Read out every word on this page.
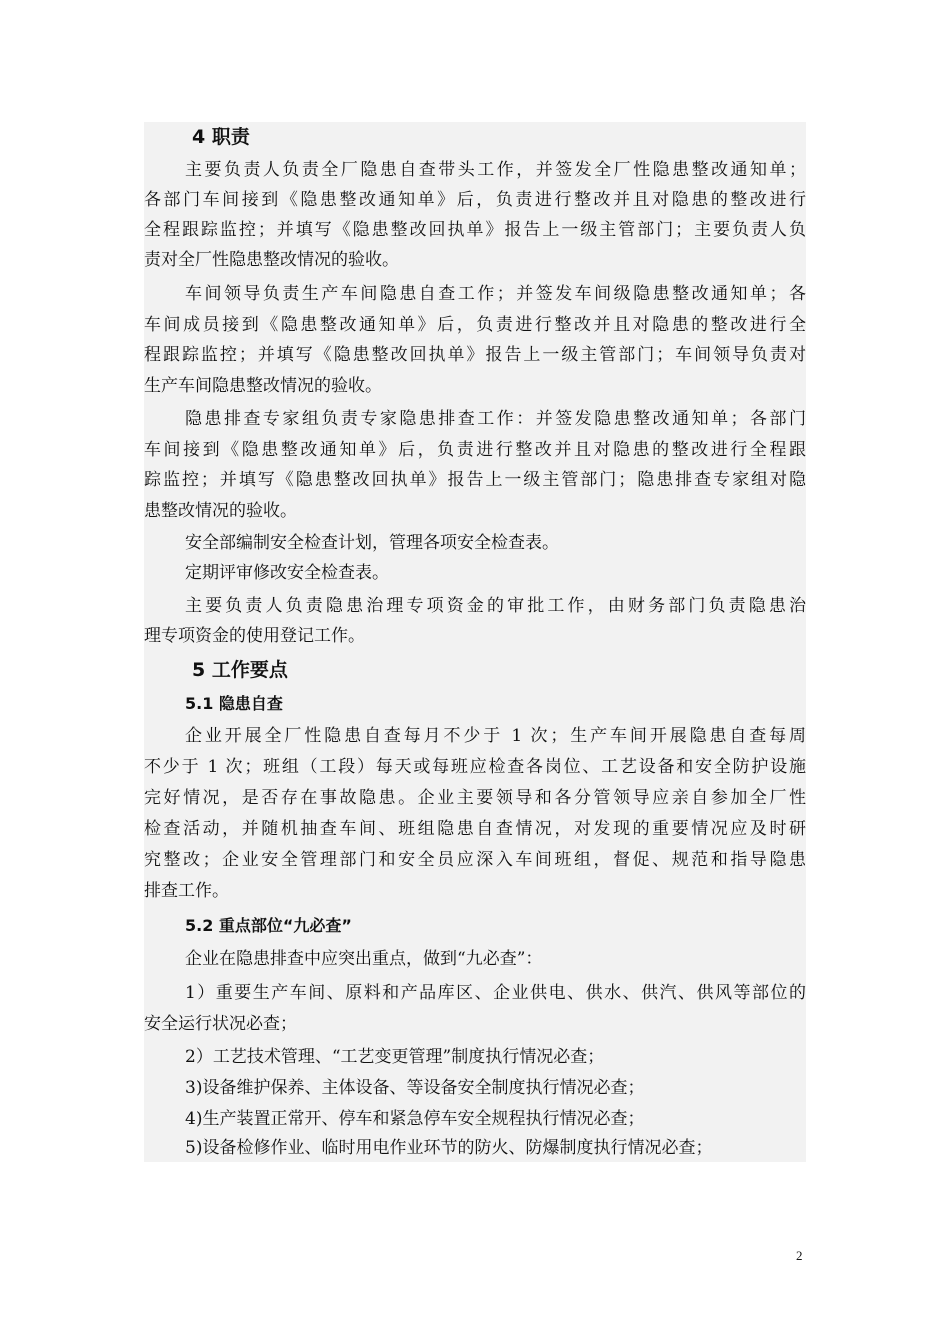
4 职责
主要负责人负责全厂隐患自查带头工作，并签发全厂性隐患整改通知单；
各部门车间接到《隐患整改通知单》后，负责进行整改并且对隐患的整改进行
全程跟踪监控；并填写《隐患整改回执单》报告上一级主管部门；主要负责人负
责对全厂性隐患整改情况的验收。
车间领导负责生产车间隐患自查工作；并签发车间级隐患整改通知单；各
车间成员接到《隐患整改通知单》后，负责进行整改并且对隐患的整改进行全
程跟踪监控；并填写《隐患整改回执单》报告上一级主管部门；车间领导负责对
生产车间隐患整改情况的验收。
隐患排查专家组负责专家隐患排查工作：并签发隐患整改通知单；各部门
车间接到《隐患整改通知单》后，负责进行整改并且对隐患的整改进行全程跟
踪监控；并填写《隐患整改回执单》报告上一级主管部门；隐患排查专家组对隐
患整改情况的验收。
安全部编制安全检查计划，管理各项安全检查表。
定期评审修改安全检查表。
主要负责人负责隐患治理专项资金的审批工作，由财务部门负责隐患治
理专项资金的使用登记工作。
5 工作要点
5.1 隐患自查
企业开展全厂性隐患自查每月不少于 1 次；生产车间开展隐患自查每周
不少于 1 次；班组（工段）每天或每班应检查各岗位、工艺设备和安全防护设施
完好情况，是否存在事故隐患。企业主要领导和各分管领导应亲自参加全厂性
检查活动，并随机抽查车间、班组隐患自查情况，对发现的重要情况应及时研
究整改；企业安全管理部门和安全员应深入车间班组，督促、规范和指导隐患
排查工作。
5.2 重点部位“九必查”
企业在隐患排查中应突出重点，做到“九必查”：
1）重要生产车间、原料和产品库区、企业供电、供水、供汽、供风等部位的
安全运行状况必查；
2）工艺技术管理、“工艺变更管理”制度执行情况必查；
3)设备维护保养、主体设备、等设备安全制度执行情况必查；
4)生产装置正常开、停车和紧急停车安全规程执行情况必查；
5)设备检修作业、临时用电作业环节的防火、防爆制度执行情况必查；
2
